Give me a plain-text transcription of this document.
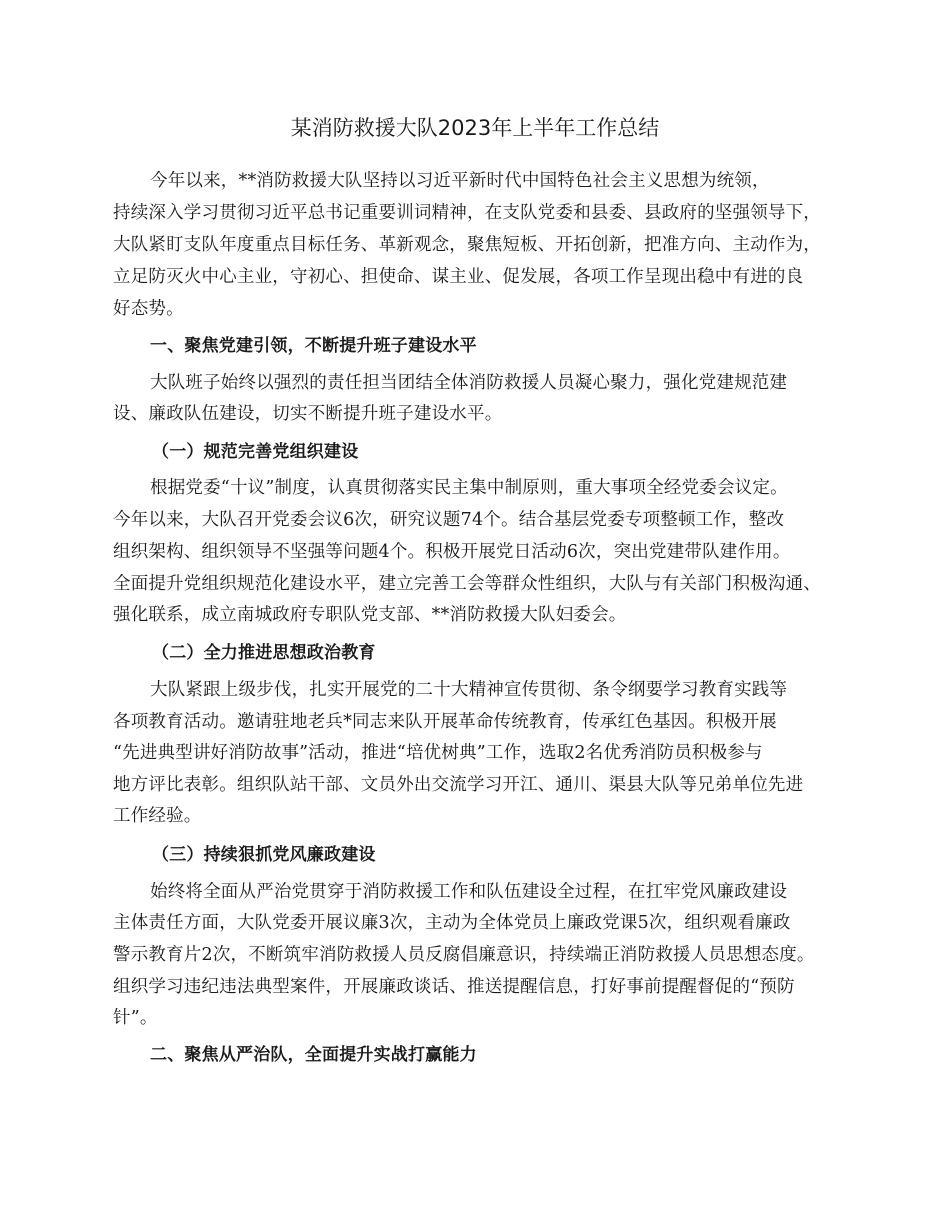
某消防救援大队2023年上半年工作总结
今年以来，**消防救援大队坚持以习近平新时代中国特色社会主义思想为统领，
持续深入学习贯彻习近平总书记重要训词精神，在支队党委和县委、县政府的坚强领导下，
大队紧盯支队年度重点目标任务、革新观念，聚焦短板、开拓创新，把准方向、主动作为，
立足防灭火中心主业，守初心、担使命、谋主业、促发展，各项工作呈现出稳中有进的良
好态势。
一、聚焦党建引领，不断提升班子建设水平
大队班子始终以强烈的责任担当团结全体消防救援人员凝心聚力，强化党建规范建
设、廉政队伍建设，切实不断提升班子建设水平。
（一）规范完善党组织建设
根据党委“十议”制度，认真贯彻落实民主集中制原则，重大事项全经党委会议定。
今年以来，大队召开党委会议6次，研究议题74个。结合基层党委专项整顿工作，整改
组织架构、组织领导不坚强等问题4个。积极开展党日活动6次，突出党建带队建作用。
全面提升党组织规范化建设水平，建立完善工会等群众性组织，大队与有关部门积极沟通、
强化联系，成立南城政府专职队党支部、**消防救援大队妇委会。
（二）全力推进思想政治教育
大队紧跟上级步伐，扎实开展党的二十大精神宣传贯彻、条令纲要学习教育实践等
各项教育活动。邀请驻地老兵*同志来队开展革命传统教育，传承红色基因。积极开展
“先进典型讲好消防故事”活动，推进“培优树典”工作，选取2名优秀消防员积极参与
地方评比表彰。组织队站干部、文员外出交流学习开江、通川、渠县大队等兄弟单位先进
工作经验。
（三）持续狠抓党风廉政建设
始终将全面从严治党贯穿于消防救援工作和队伍建设全过程，在扛牢党风廉政建设
主体责任方面，大队党委开展议廉3次，主动为全体党员上廉政党课5次，组织观看廉政
警示教育片2次，不断筑牢消防救援人员反腐倡廉意识，持续端正消防救援人员思想态度。
组织学习违纪违法典型案件，开展廉政谈话、推送提醒信息，打好事前提醒督促的“预防
针”。
二、聚焦从严治队，全面提升实战打赢能力
